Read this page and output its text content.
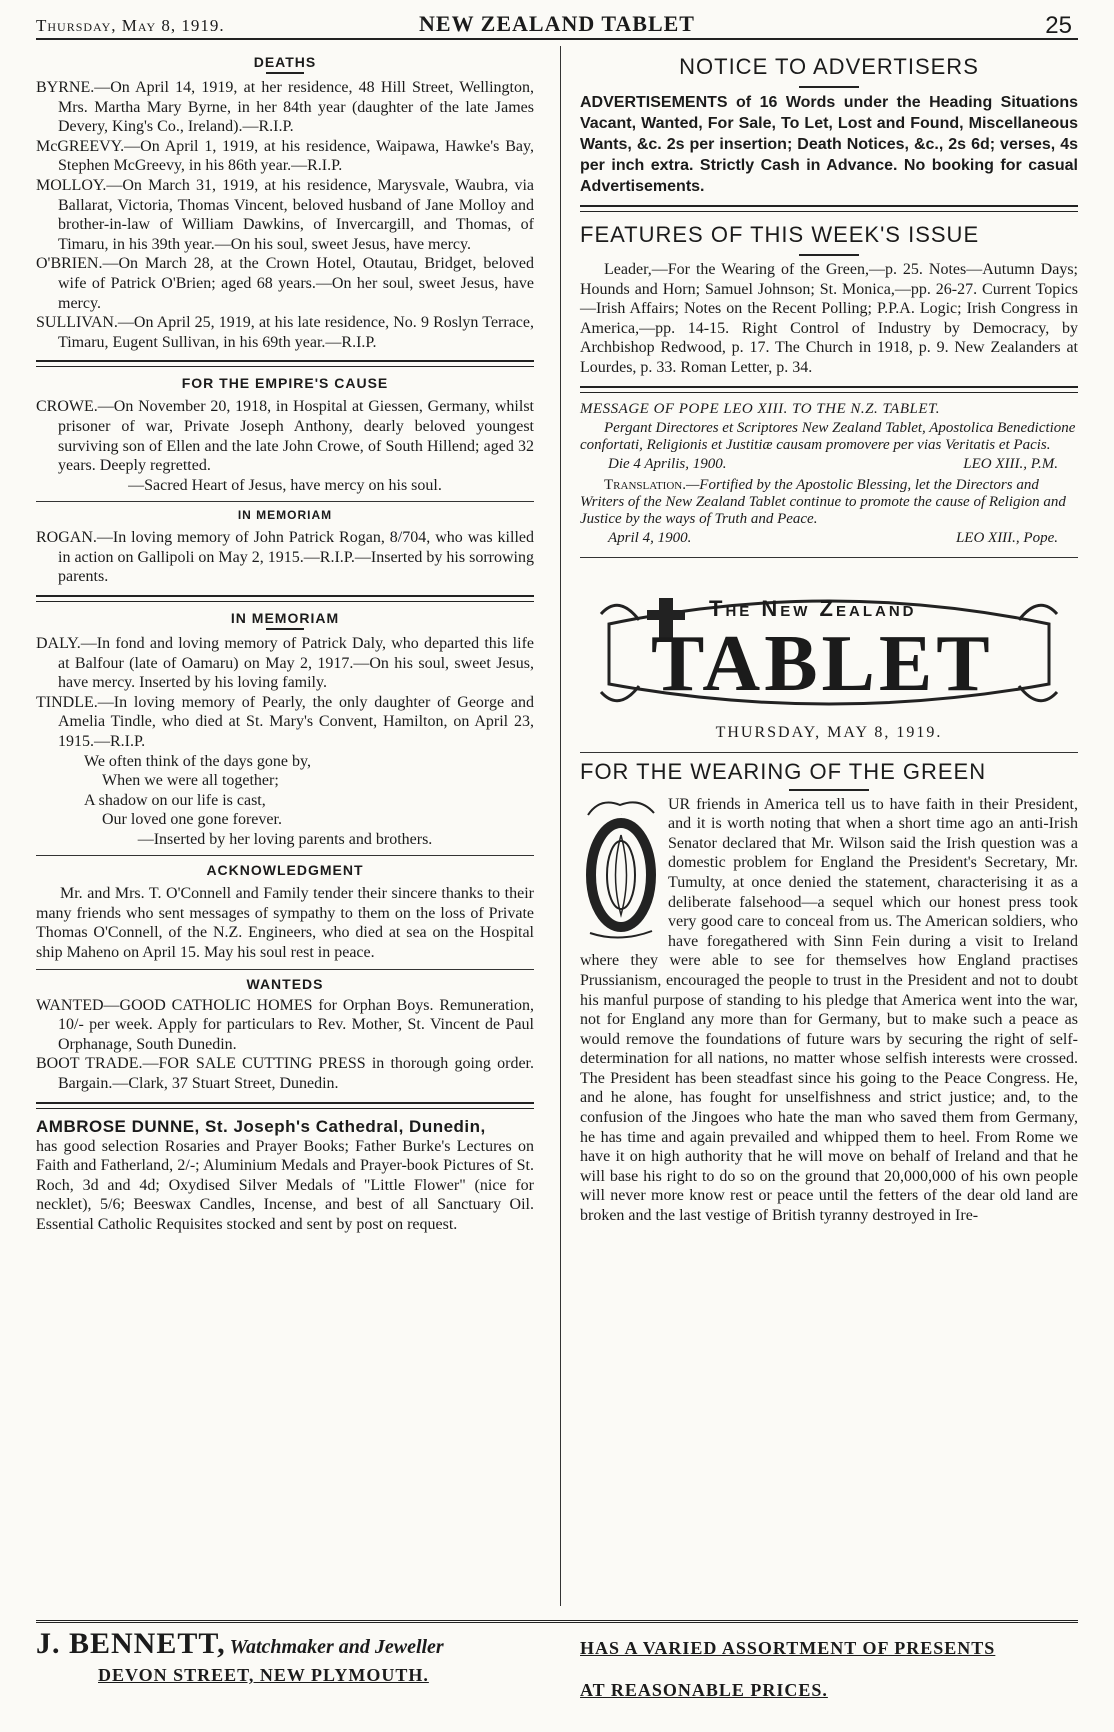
Thursday, May 8, 1919.	NEW ZEALAND TABLET	25
DEATHS

BYRNE.—On April 14, 1919, at her residence, 48 Hill Street, Wellington, Mrs. Martha Mary Byrne, in her 84th year (daughter of the late James Devery, King's Co., Ireland).—R.I.P.

McGREEVY.—On April 1, 1919, at his residence, Waipawa, Hawke's Bay, Stephen McGreevy, in his 86th year.—R.I.P.

MOLLOY.—On March 31, 1919, at his residence, Marysvale, Waubra, via Ballarat, Victoria, Thomas Vincent, beloved husband of Jane Molloy and brother-in-law of William Dawkins, of Invercargill, and Thomas, of Timaru, in his 39th year.—On his soul, sweet Jesus, have mercy.

O'BRIEN.—On March 28, at the Crown Hotel, Otautau, Bridget, beloved wife of Patrick O'Brien; aged 68 years.—On her soul, sweet Jesus, have mercy.

SULLIVAN.—On April 25, 1919, at his late residence, No. 9 Roslyn Terrace, Timaru, Eugent Sullivan, in his 69th year.—R.I.P.

FOR THE EMPIRE'S CAUSE

CROWE.—On November 20, 1918, in Hospital at Giessen, Germany, whilst prisoner of war, Private Joseph Anthony, dearly beloved youngest surviving son of Ellen and the late John Crowe, of South Hillend; aged 32 years. Deeply regretted.

—Sacred Heart of Jesus, have mercy on his soul.

IN MEMORIAM

ROGAN.—In loving memory of John Patrick Rogan, 8/704, who was killed in action on Gallipoli on May 2, 1915.—R.I.P.—Inserted by his sorrowing parents.

IN MEMORIAM

DALY.—In fond and loving memory of Patrick Daly, who departed this life at Balfour (late of Oamaru) on May 2, 1917.—On his soul, sweet Jesus, have mercy. Inserted by his loving family.

TINDLE.—In loving memory of Pearly, the only daughter of George and Amelia Tindle, who died at St. Mary's Convent, Hamilton, on April 23, 1915.—R.I.P.

We often think of the days gone by,
When we were all together;
A shadow on our life is cast,
Our loved one gone forever.

—Inserted by her loving parents and brothers.

ACKNOWLEDGMENT

Mr. and Mrs. T. O'Connell and Family tender their sincere thanks to their many friends who sent messages of sympathy to them on the loss of Private Thomas O'Connell, of the N.Z. Engineers, who died at sea on the Hospital ship Maheno on April 15. May his soul rest in peace.

WANTEDS

WANTED—GOOD CATHOLIC HOMES for Orphan Boys. Remuneration, 10/- per week. Apply for particulars to Rev. Mother, St. Vincent de Paul Orphanage, South Dunedin.

BOOT TRADE.—FOR SALE CUTTING PRESS in thorough going order. Bargain.—Clark, 37 Stuart Street, Dunedin.

AMBROSE DUNNE, St. Joseph's Cathedral, Dunedin,

has good selection Rosaries and Prayer Books; Father Burke's Lectures on Faith and Fatherland, 2/-; Aluminium Medals and Prayer-book Pictures of St. Roch, 3d and 4d; Oxydised Silver Medals of "Little Flower" (nice for necklet), 5/6; Beeswax Candles, Incense, and best of all Sanctuary Oil. Essential Catholic Requisites stocked and sent by post on request.

NOTICE TO ADVERTISERS
ADVERTISEMENTS of 16 Words under the Heading Situations Vacant, Wanted, For Sale, To Let, Lost and Found, Miscellaneous Wants, &c. 2s per insertion; Death Notices, &c., 2s 6d; verses, 4s per inch extra. Strictly Cash in Advance. No booking for casual Advertisements.
FEATURES OF THIS WEEK'S ISSUE

Leader,—For the Wearing of the Green,—p. 25. Notes—Autumn Days; Hounds and Horn; Samuel Johnson; St. Monica,—pp. 26-27. Current Topics—Irish Affairs; Notes on the Recent Polling; P.P.A. Logic; Irish Congress in America,—pp. 14-15. Right Control of Industry by Democracy, by Archbishop Redwood, p. 17. The Church in 1918, p. 9. New Zealanders at Lourdes, p. 33. Roman Letter, p. 34.

MESSAGE OF POPE LEO XIII. TO THE N.Z. TABLET.

Pergant Directores et Scriptores New Zealand Tablet, Apostolica Benedictione confortati, Religionis et Justitiæ causam promovere per vias Veritatis et Pacis.

Die 4 Aprilis, 1900.	LEO XIII., P.M.

Translation.—Fortified by the Apostolic Blessing, let the Directors and Writers of the New Zealand Tablet continue to promote the cause of Religion and Justice by the ways of Truth and Peace.

April 4, 1900.	LEO XIII., Pope.
The New Zealand
TABLET
THURSDAY, MAY 8, 1919.
FOR THE WEARING OF THE GREEN
O

UR friends in America tell us to have faith in their President, and it is worth noting that when a short time ago an anti-Irish Senator declared that Mr. Wilson said the Irish question was a domestic problem for England the President's Secretary, Mr. Tumulty, at once denied the statement, characterising it as a deliberate falsehood—a sequel which our honest press took very good care to conceal from us. The American soldiers, who have foregathered with Sinn Fein during a visit to Ireland where they were able to see for themselves how England practises Prussianism, encouraged the people to trust in the President and not to doubt his manful purpose of standing to his pledge that America went into the war, not for England any more than for Germany, but to make such a peace as would remove the foundations of future wars by securing the right of self-determination for all nations, no matter whose selfish interests were crossed. The President has been steadfast since his going to the Peace Congress. He, and he alone, has fought for unselfishness and strict justice; and, to the confusion of the Jingoes who hate the man who saved them from Germany, he has time and again prevailed and whipped them to heel. From Rome we have it on high authority that he will move on behalf of Ireland and that he will base his right to do so on the ground that 20,000,000 of his own people will never more know rest or peace until the fetters of the dear old land are broken and the last vestige of British tyranny destroyed in Ire-

J. BENNETT, Watchmaker and Jeweller
DEVON STREET, NEW PLYMOUTH.
HAS A VARIED ASSORTMENT OF PRESENTS
AT REASONABLE PRICES.
